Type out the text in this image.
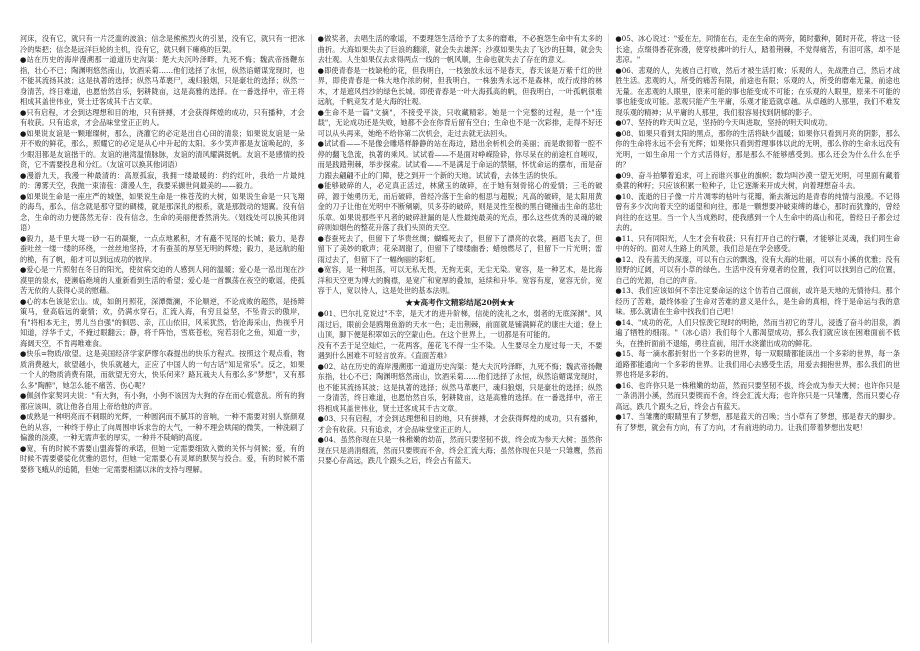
河床，没有它，就只有一片泛滥的波浪；信念是熊熊烈火的引星，没有它，就只有一把冰冷的柴把；信念是远洋巨轮的主机，没有它，就只剩下瘫痪的巨架。

●站在历史的海岸漫溯那一道道历史沟渠：楚大夫沉吟泽畔，九死不悔；魏武帝扬鞭东指，壮心不已；陶渊明悠然南山，饮酒采菊……他们选择了永恒，纵然谄媚谋宠现时，也不能其流扬其波；这是执著的选择；纵然马革裹尸，魂归狼烟，只是豪壮的选择；纵然一身清苦，终日难道，也愿怡然自乐，躬耕陇亩，这是高雅的选择。在一番选择中，帝王将相成其盖世伟业，贤士迁客成其千古文章。

●只有启程，才会到达理想和目的地，只有拼搏，才会获得辉煌的成功，只有播种，才会有收获。只有追求，才会品味堂堂正正的人。

●如果说友谊是一颗璀璨树，那么，浇灌它的必定是出自心田的清泉；如果说友谊是一朵开不败的鲜花，那么，照耀它的必定是从心中升起的太阳。多少笑声都是友谊唤起的，多少眼泪都是友谊揩干的。友谊的港湾温情脉脉，友谊的清风耀满挺帆。友谊不是感情的投资，它不需要投息和分红。（友谊可以换其他词语）

●漫游九天，我漫一种最清的：高原孤寂，我拥一缕最暖的：约约红叶，我给一片最纯的：薄雾天空，我抛一束清苞：潇漫人生，我要采撷世间最美的——毅力。

●如果说生命是一座庄严的城堡，如果说生命是一株苍茂的大树，如果说生命是一只飞翔的海鸟，那么，信念就是那守望的碉楼，就是那深扎的根系，就是那鼓动的翅翼。没有信念，生命的动力便荡然无存：没有信念，生命的美丽便香然消失。（划线处可以换其他词语）

●毅力，是千里大堤一砂一石的凝聚，一点点地累积，才有矗不见尾的长城；毅力，是春蚕吐丝一缕一缕的环绕，一丝丝地坚持，才有蚕茧的厚坚无明的辉煌；毅力，是远航的船的桅，有了帆，船才可以到远成功的彼岸。

●爱心是一片照射在冬日的阳光，使贫病交迫的人感到人间的温暖；爱心是一泓出现在沙漠里的泉水，使濒临绝境的人重新看到生活的希望；爱心是一首飘荡在夜空的歌谣，使孤苦无依的人获得心灵的慰藉。

●心的本色该是宏山。成，如朗月照花，深潭微澜，不论顺逆，不论成败的超然，是扬辫策马，登高临远的豪情；欢，仍满水穿石，汇流入海，有穷且益坚，不坠青云的傲岸，有"将相本无主，男儿当自强"的徊思、亲，江山依旧，风采犹然，恰沧海采山，热视乎月知道，浮华千丈，不掩过眼翻云；静，将千阵怡，雪底苍松，宛若羽化之鱼，知道一步，海阔天空，不肯再唯难食。

●快乐=物质/欲望。这是美国经济学家萨缪尔森提出的快乐方程式。按照这个观点看，物质消费越大，欲望越小，快乐就越大，正应了中国人的一句古话"知足常乐"。反之，如果一个人的物质消费有限，而欲望无穷大，快乐何来？路瓦栽夫人有那么多"梦想"，又有那么多"陶醉"，她怎么能不痛苦、伤心呢？

●佩剑作家契诃夫说："有大狗，有小狗，小狗不该因为大狗的存在而心慌意乱。所有的狗都应该叫，就让他各自用上帝给他的声音。

●成熟是一种明亮而不刺眼的光辉，一种圆润而不腻耳的音响，一种不需要对别人察颜观色的从容，一种终于停止了向周围申诉求告的大气，一种不理会哄闹的微笑，一种洗刷了偏激的淡漠，一种无需声张的厚实，一种并不陡峭的高度。

●宽，有的时候不需要山盟海誓的承诺，但她一定需要细致入微的关怀与伺候；爱，有的时候不需要婆娑化优雅的思忖，但她一定需要心有灵犀的默契与投合。爱，有的时候不需要修飞蛾从的追随，但她一定需要相濡以沫的支持与理解。

●做奖者，去唱生活的歌谣，不要理怨生活给予了太多的磨难，不必抱怨生命中有太多的曲折。大海如果失去了巨浪的翻滚，就会失去雄浑；沙漠如果失去了飞沙的狂舞，就会失去壮观。人生如果仅去求得两点一线的一帆风顺，生命也就失去了存在的意义。

●即使青春是一枝缺枪的花，但我明白，一枝独放永远不是春天，春天该是万紫千红的世界，即使青春是一株大地作浓的树，但我明白，一株独秀永远不是森林，成行成排的林木，才是遮风挡沙的绿色长城。即使青春是一叶大海孤高的帆，但我明白，一叶孤帆很难远航，千帆竞发才是大海的壮观。

●生命不是一篇"文摘"，不接受平淡，只收藏精彩。她是一个完整的过程，是一个"连载"，无论成功还是失败，她都不会在你背后留有空白；生命也不是一次彩排，走得不好还可以从头再来，她绝不给你第二次机会，走过去就无法回头。

●试试看——不是像会雕塔样静静的站在海边，踏出余析机会的美丽；而是敢彻着一腔不停的翻飞急流，执著的乘风。试试看——不是面对峥嵘险砕，你尽呆在的前途杠自嗟叹，而是践踏荆棘，举步探索。试试看——不是满足于命运的禁锢，怀忧命运的摆布，而是奋力跟去翩翩不止的门障，使之到开一个新的天地。试试看，去体生活的快乐。

●能够破碎的人，必定真正活过，林黛玉的破碎，在于她有刻骨铭心的爱情；三毛的破碎，源于她勇历无，而后破碎，曾经冷落于生命的相思与超脱；凡高的破碎，是太阳用黄金的刀子让他在光明中不断剜刷，贝多芬的破碎，则是灵性至极的黑白键撞击生命的悲壮乐章。如果说那些平凡者的破碎泄漏的是人性最纯最美的光点，那么这些优秀的灵魂的破碎则如烟色的整花升落了我们头顶的天空。

●春蚕死去了，但留下了华贵丝绸；蝴蝶死去了，但留下了漂亮的衣裳，画眉飞去了，但留下了美妙的歌声；花朵凋谢了，但留下了缕缕幽香；蜡烛燃尽了，但留下一片光明；雷雨过去了，但留下了一幅绚丽的彩虹。

●宽容，是一种坦荡，可以无私无畏，无拘无束，无尘无染。宽容，是一种艺术，是比海洋和天空更为博大的胸襟，是宽广和宽厚的叠加，延续和升华。宽容有度，宽容无价，宽容于人，宽以待人，这是处世的基本法则。

★★高考作文精彩结尾20例★★

●01、巴尔扎克说过"不幸，是天才的进升阶梯，信徒的洗礼之水，弱者的无底深渊"。风雨过后，眼前会是鸥翔鱼游的天水一色；走出荆棘，前面就是铺满鲜花的康庄大道；登上山顶，脚下便是积翠如云的空蒙山色。在这个世界上，一切都是有可能的。

没有不丢于足空灿烂，一花两客，莲花飞不得一尘不染。人生要尽全力度过每一天，不要遇到什么困难不可轻言放弃。《直面苦难》

●02、站在历史的海岸漫溯那一道道历史沟渠：楚大夫沉吟泽畔，九死不悔；魏武帝扬鞭东指，壮心不已；陶渊明悠然南山，饮酒采菊……他们选择了永恒，纵然谄媚谋宠现时，也不能其流扬其波；这是执著的选择；纵然马革裹尸，魂归狼烟，只是豪壮的选择；纵然一身清苦，终日难道，也愿怡然自乐，躬耕陇亩，这是高雅的选择。在一番选择中，帝王将相成其盖世伟业，贤士迁客成其千古文章。

●03、只有启程，才会到达理想和目的地，只有拼搏，才会获得辉煌的成功，只有播种，才会有收获。只有追求，才会品味堂堂正正的人。

●04、虽然你现在只是一株稚嫩的幼苗，然而只要坚韧不拔，终会成为参天大树；虽然你现在只是涓涓细流，然而只要锲而不舍，终会汇流大海；虽然你现在只是一只雏鹰，然而只要心存高远，跌几个跟头之后，终会占有蓝天。

●05、冰心说过："爱在左，同情在右，走在生命的两旁，随时撒种，随时开花，将这一径长途，点缀得香花弥漫，使穿枝拂叶的行人，踏着荆棘，不觉得痛苦，有泪可落，却不是悲凉。"

●06、悲观的人，先被自己打败，然后才被生活打败；乐观的人，先战胜自己，然后才战胜生活。悲观的人，所受的痛苦有限，前途也有限；乐观的人，所受的磨难无量，前途也无量。在悲观的人眼里，原来可能的事也能变成不可能；在乐观的人眼里，原来不可能的事也能变成可能。悲观只能产生平庸，乐观才能造就卓越。从卓越的人那里，我们不难发现乐观的精神；从平庸的人那里，我们很容易找到阴郁的影子。

●07、坚持的昨天叫立足，坚持的今天叫进取，坚持的明天叫成功。

●08、如果只看到太阳的黑点，那你的生活将缺少温暖；如果你只看到月亮的阴影，那么你的生命将永远不会有光辉；如果你只看到哲理事体以此的无明，那么你的生命永远没有光明，一如生命用一个方式活得好，那是那么不能够感受到。那么还会为什么什么在乎的？

●09、奋斗拍攀着追求，可上而谁兴事业的旗帜；数均叫沙漠一望无光明，可里面有藏着桑葚的种籽；只应该积累一粒种子，让它逐渐来开成大树，向着理想奋斗去。

●10、流逝的日子像一片片凋零的枯叶与花瓣，渐去渐远的是青春的纯情与浪漫。不记得曾有多少次向着天空的遥望和向往，那是一颗想要冲破束缚的雄心，那时而犹豫的，曾经向往的在这里。当一个人当成熟时，使我感到一个人生命中的高山和花，曾经日子都会过去的。

●11、只有同阳光，人生才会有收获；只有打开自己的行囊，才能够让灵魂，我们同生命中的好的。面对人生路上的风景，我们总是在学会感受。

●12、没有蓝天的深邃，可以有白云的飘逸，没有大海的壮丽，可以有小溪的优雅；没有原野的辽阔，可以有小草的绿色。生活中没有旁观者的位置，我们可以找到自己的位置，自己的光源，自己的声音。

●13、我们应该如何不幸注定要命运的这个仿若自己面前，或许是天地的无情待归。那个经历了苦难，最终体验了生命对苦难的意义是什么，是生命的真相，终于是命运与我的意味。那么就请在生命中找我们自己吧！

●14、"成功的花，人们只惊羡它现时的明艳，然而当初它的芽儿，浸透了奋斗的泪泉，洒遍了牺牲的细雨。"（冰心语）我们每个人都渴望成功，那么我们就应该在困难面前不低头，在挫折面前不退缩，勇往直前，用汗水浇灌出成功的鲜花。

●15、每一滴水都折射出一个多彩的世界，每一双眼睛都能读出一个多彩的世界，每一条道路都能通向一个多彩的世界。让我们用心去感受生活，用爱去拥抱世界，那么我们的世界也将是多彩的。

●16、也许你只是一株稚嫩的幼苗，然而只要坚韧不拔，终会成为参天大树；也许你只是一条涓涓小溪，然而只要锲而不舍，终会汇流大海；也许你只是一只雏鹰，然而只要心存高远，跌几个跟头之后，终会占有蓝天。

●17、当雏鹰的眼睛里有了梦想，那是蓝天的召唤；当小草有了梦想，那是春天的脚步。有了梦想，就会有方向，有了方向，才有前进的动力。让我们带着梦想出发吧！
